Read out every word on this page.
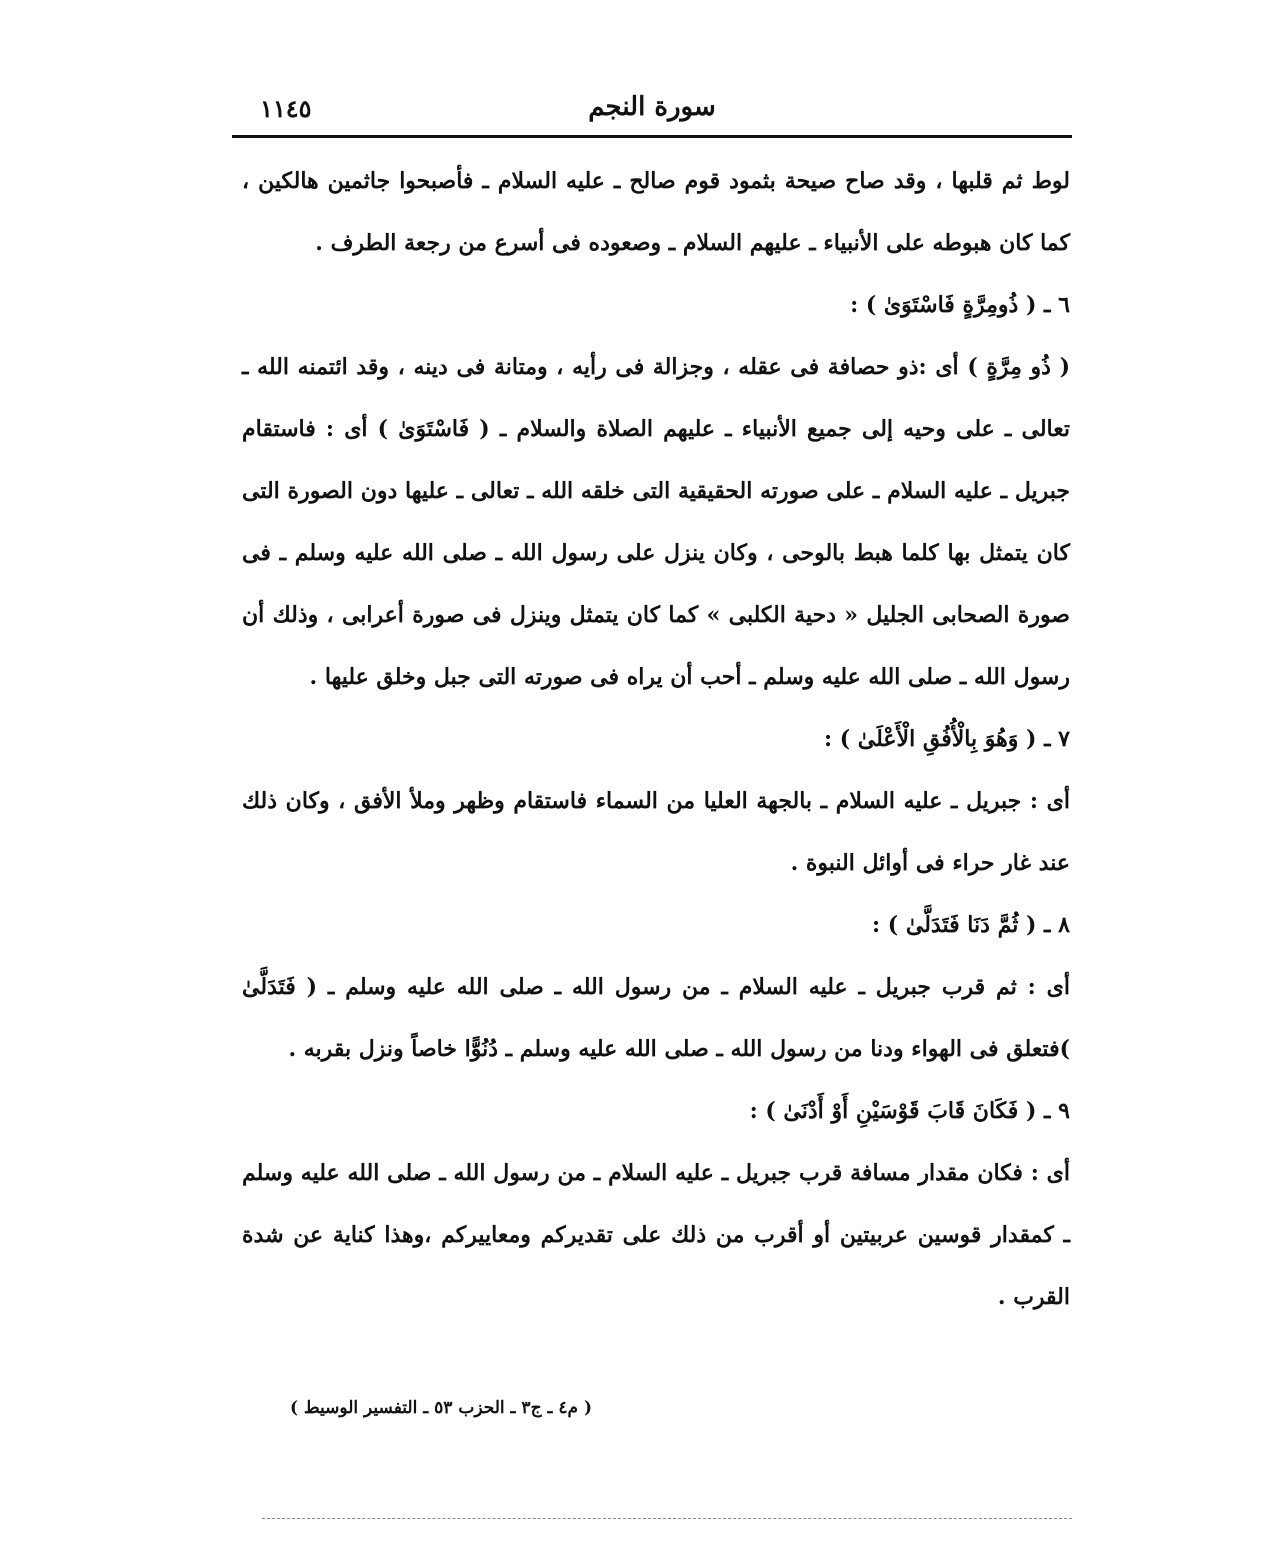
سورة النجم
١١٤٥

لوط ثم قلبها ، وقد صاح صيحة بثمود قوم صالح ـ عليه السلام ـ فأصبحوا جاثمين هالكين ، كما كان هبوطه على الأنبياء ـ عليهم السلام ـ وصعوده فى أسرع من رجعة الطرف .

٦ ـ ( ذُومِرَّةٍ فَاسْتَوَىٰ ) :

( ذُو مِرَّةٍ ) أى :ذو حصافة فى عقله ، وجزالة فى رأيه ، ومتانة فى دينه ، وقد ائتمنه الله ـ تعالى ـ على وحيه إلى جميع الأنبياء ـ عليهم الصلاة والسلام ـ ( فَاسْتَوَىٰ ) أى : فاستقام جبريل ـ عليه السلام ـ على صورته الحقيقية التى خلقه الله ـ تعالى ـ عليها دون الصورة التى كان يتمثل بها كلما هبط بالوحى ، وكان ينزل على رسول الله ـ صلى الله عليه وسلم ـ فى صورة الصحابى الجليل « دحية الكلبى » كما كان يتمثل وينزل فى صورة أعرابى ، وذلك أن رسول الله ـ صلى الله عليه وسلم ـ أحب أن يراه فى صورته التى جبل وخلق عليها .

٧ ـ ( وَهُوَ بِالْأُفُقِ الْأَعْلَىٰ ) :

أى : جبريل ـ عليه السلام ـ بالجهة العليا من السماء فاستقام وظهر وملأ الأفق ، وكان ذلك عند غار حراء فى أوائل النبوة .

٨ ـ ( ثُمَّ دَنَا فَتَدَلَّىٰ ) :

أى : ثم قرب جبريل ـ عليه السلام ـ من رسول الله ـ صلى الله عليه وسلم ـ ( فَتَدَلَّىٰ )فتعلق فى الهواء ودنا من رسول الله ـ صلى الله عليه وسلم ـ دُنُوًّا خاصاً ونزل بقربه .

٩ ـ ( فَكَانَ قَابَ قَوْسَيْنِ أَوْ أَدْنَىٰ ) :

أى : فكان مقدار مسافة قرب جبريل ـ عليه السلام ـ من رسول الله ـ صلى الله عليه وسلم ـ كمقدار قوسين عربيتين أو أقرب من ذلك على تقديركم ومعاييركم ،وهذا كناية عن شدة القرب .

( م٤ ـ ج٣ ـ الحزب ٥٣ ـ التفسير الوسيط )
